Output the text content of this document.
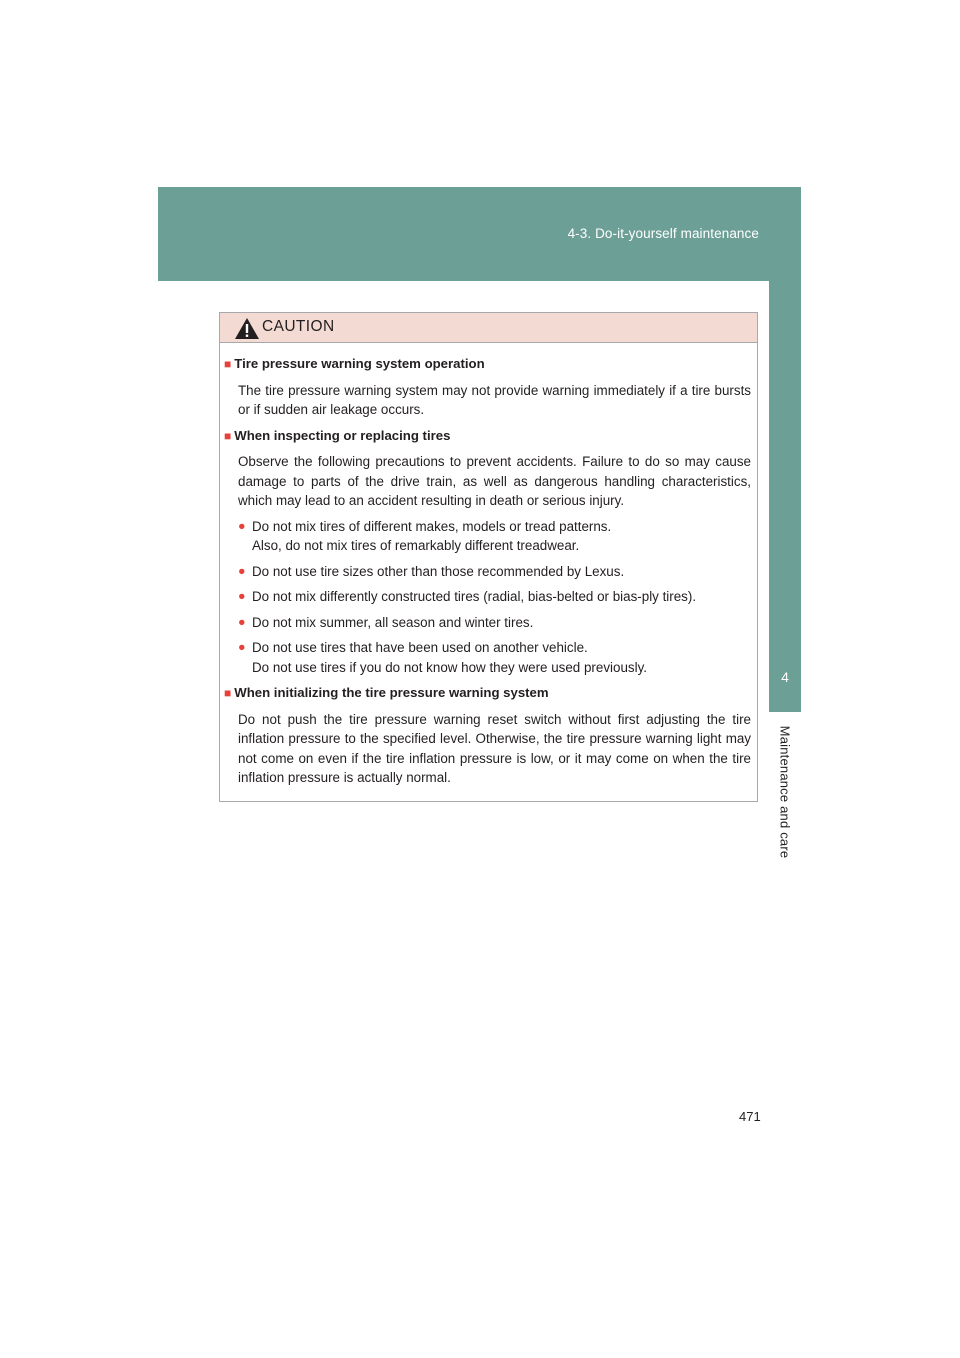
4-3. Do-it-yourself maintenance
4
Maintenance and care
CAUTION
■ Tire pressure warning system operation
The tire pressure warning system may not provide warning immediately if a tire bursts or if sudden air leakage occurs.
■ When inspecting or replacing tires
Observe the following precautions to prevent accidents. Failure to do so may cause damage to parts of the drive train, as well as dangerous handling characteristics, which may lead to an accident resulting in death or serious injury.
● Do not mix tires of different makes, models or tread patterns.
Also, do not mix tires of remarkably different treadwear.
● Do not use tire sizes other than those recommended by Lexus.
● Do not mix differently constructed tires (radial, bias-belted or bias-ply tires).
● Do not mix summer, all season and winter tires.
● Do not use tires that have been used on another vehicle.
Do not use tires if you do not know how they were used previously.
■ When initializing the tire pressure warning system
Do not push the tire pressure warning reset switch without first adjusting the tire inflation pressure to the specified level. Otherwise, the tire pressure warning light may not come on even if the tire inflation pressure is low, or it may come on when the tire inflation pressure is actually normal.
471
